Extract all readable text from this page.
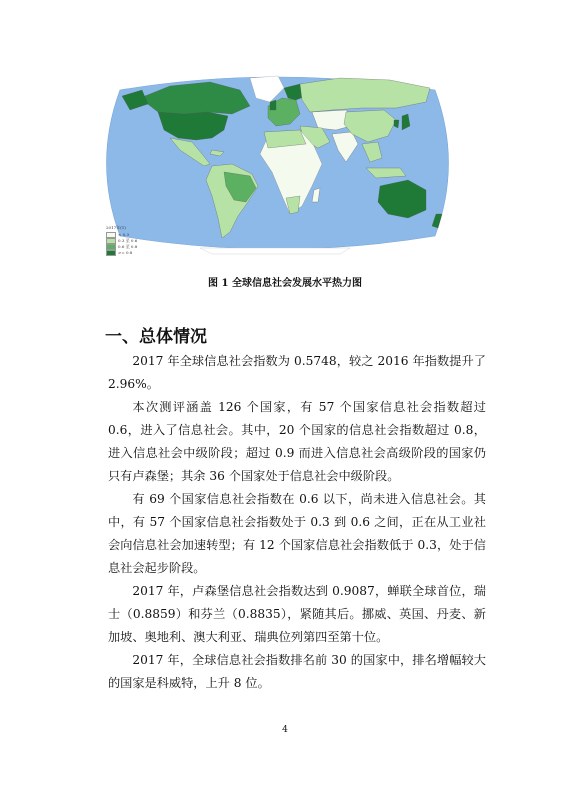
2017年(1)
< 0.3
0.3 至 0.6
0.6 至 0.8
>= 0.8
图 1 全球信息社会发展水平热力图
一、总体情况

2017 年全球信息社会指数为 0.5748，较之 2016 年指数提升了 2.96%。

本次测评涵盖 126 个国家，有 57 个国家信息社会指数超过 0.6，进入了信息社会。其中，20 个国家的信息社会指数超过 0.8，进入信息社会中级阶段；超过 0.9 而进入信息社会高级阶段的国家仍只有卢森堡；其余 36 个国家处于信息社会中级阶段。

有 69 个国家信息社会指数在 0.6 以下，尚未进入信息社会。其中，有 57 个国家信息社会指数处于 0.3 到 0.6 之间，正在从工业社会向信息社会加速转型；有 12 个国家信息社会指数低于 0.3，处于信息社会起步阶段。

2017 年，卢森堡信息社会指数达到 0.9087，蝉联全球首位，瑞士（0.8859）和芬兰（0.8835），紧随其后。挪威、英国、丹麦、新加坡、奥地利、澳大利亚、瑞典位列第四至第十位。

2017 年，全球信息社会指数排名前 30 的国家中，排名增幅较大的国家是科威特，上升 8 位。

4
